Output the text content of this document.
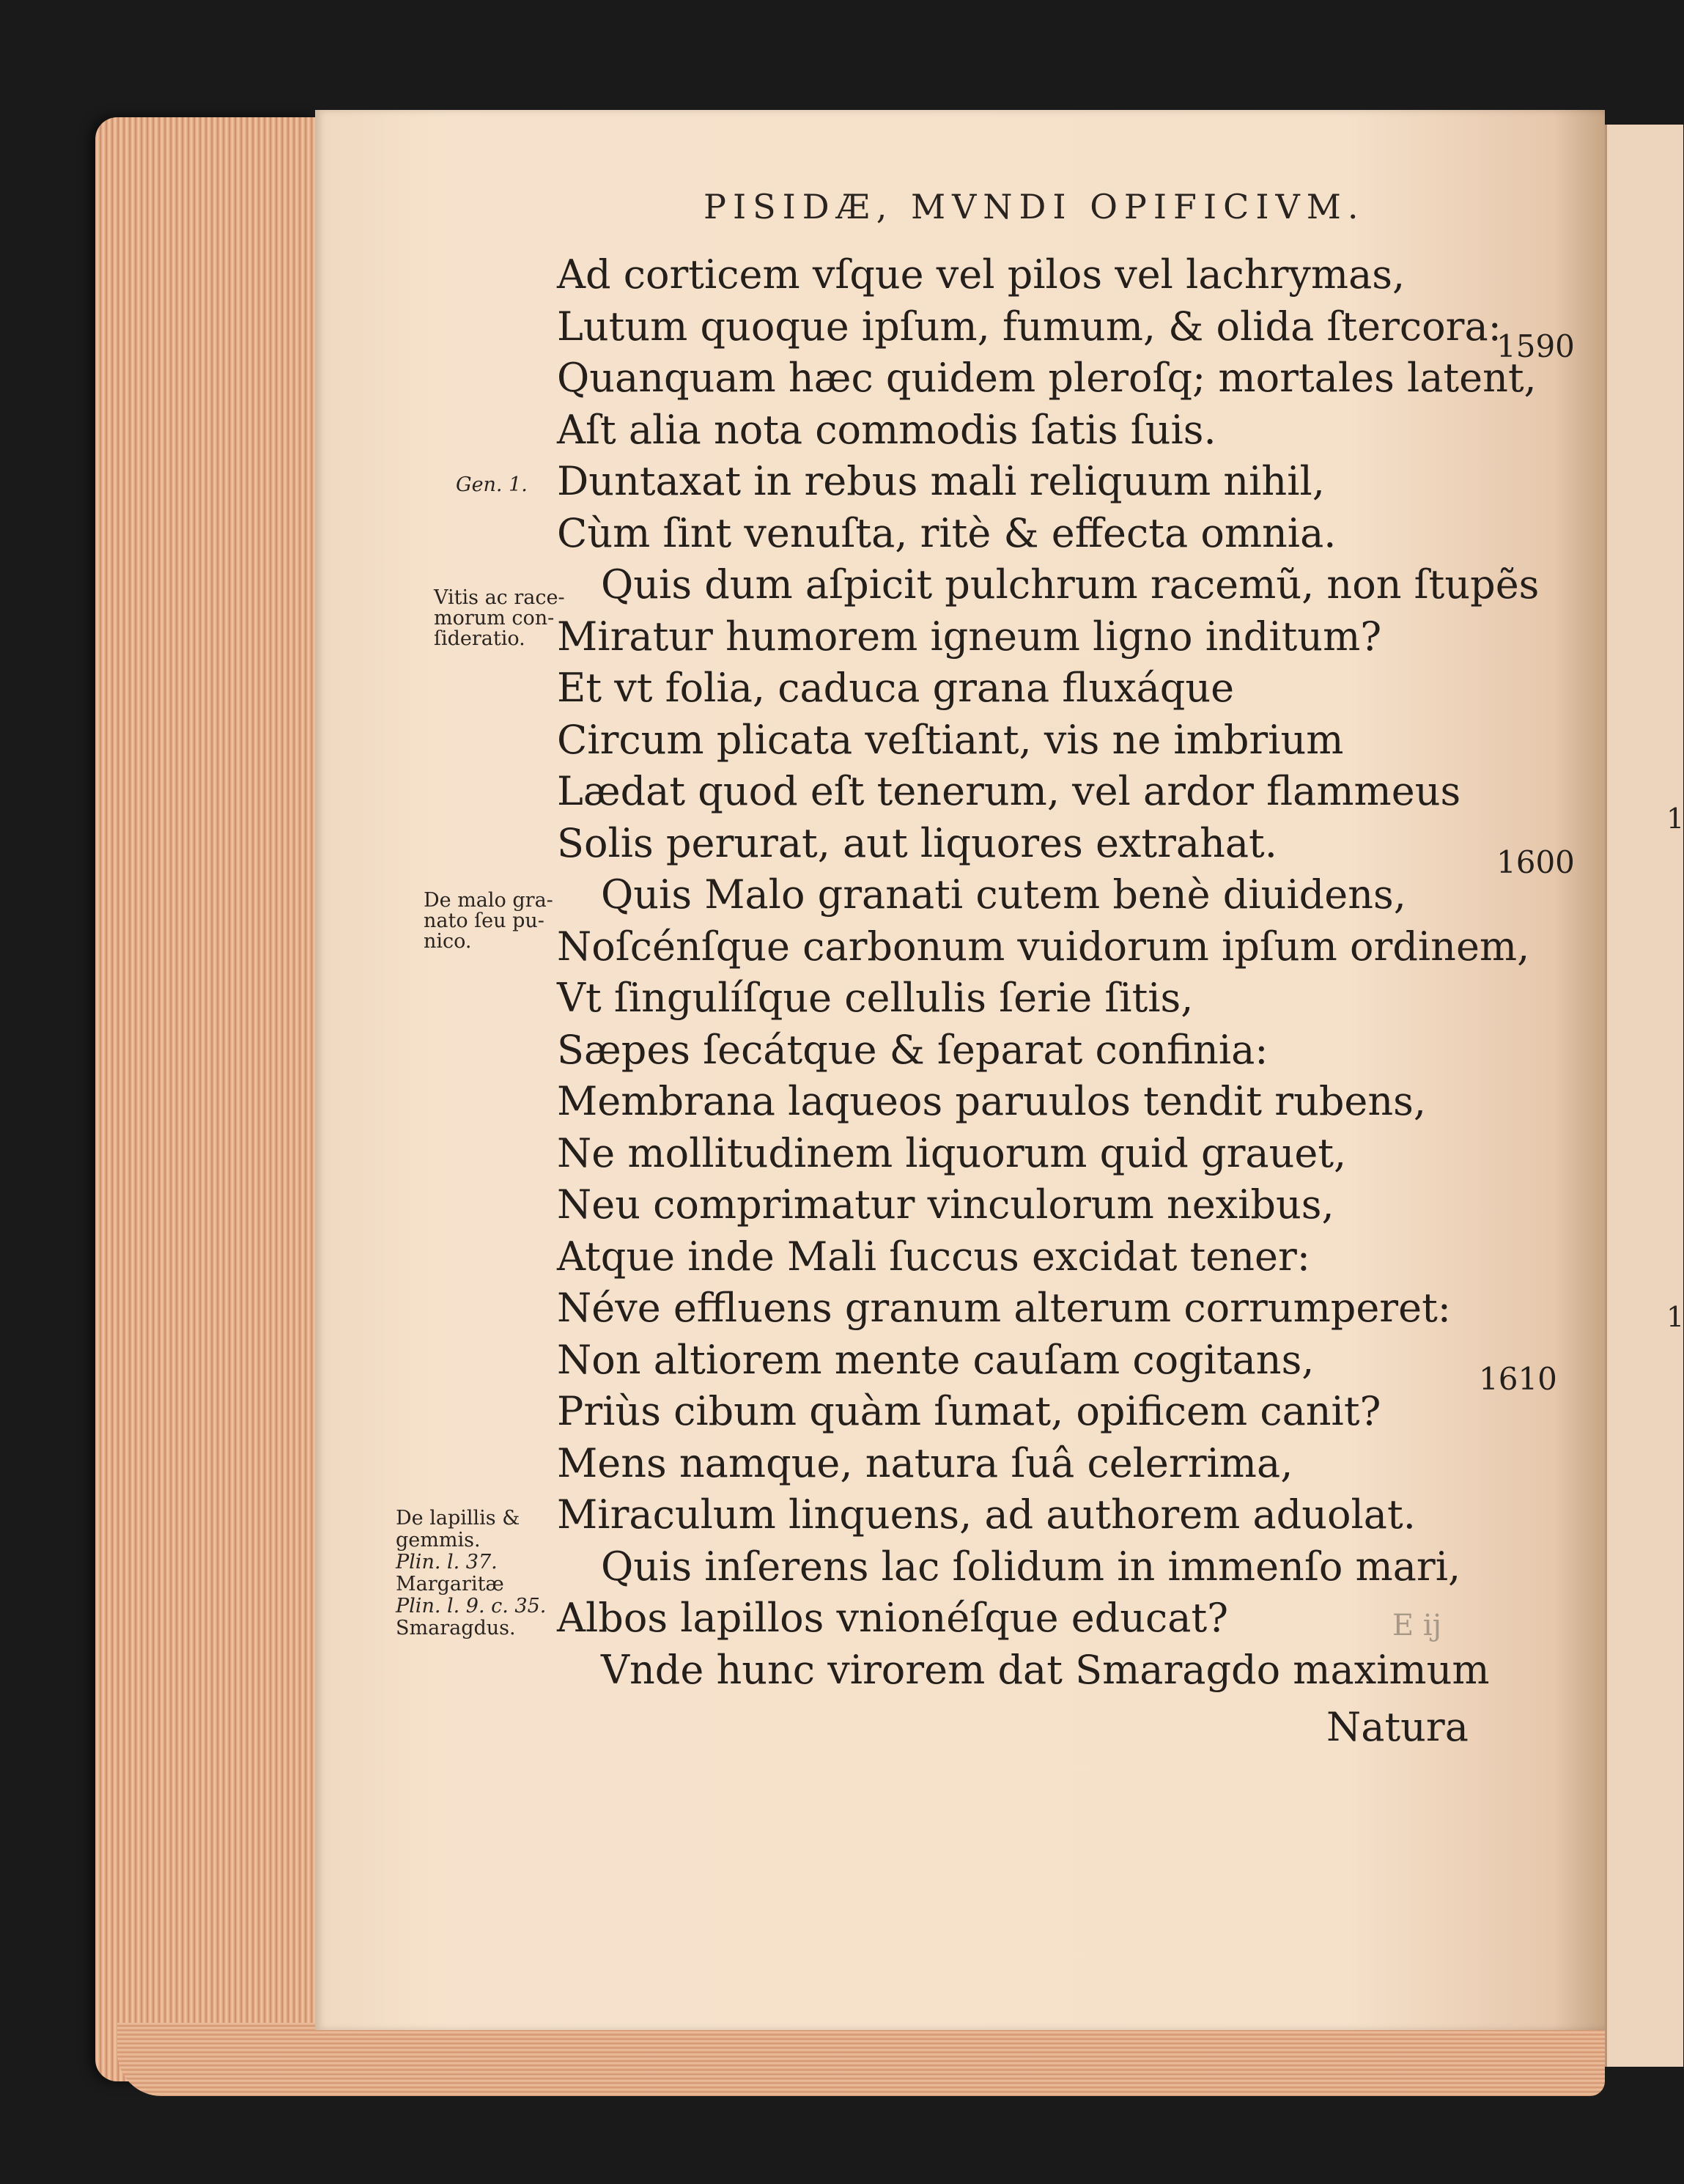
1
1
PISIDÆ, MVNDI OPIFICIVM.
Ad corticem vſque vel pilos vel lachrymas,
Lutum quoque ipſum, fumum, & olida ſtercora:
Quanquam hæc quidem pleroſq; mortales latent,
Aſt alia nota commodis ſatis ſuis.
Duntaxat in rebus mali reliquum nihil,
Cùm ſint venuſta, ritè & effecta omnia.
Quis dum aſpicit pulchrum racemũ, non ſtupẽs
Miratur humorem igneum ligno inditum?
Et vt folia, caduca grana fluxáque
Circum plicata veſtiant, vis ne imbrium
Lædat quod eſt tenerum, vel ardor flammeus
Solis perurat, aut liquores extrahat.
Quis Malo granati cutem benè diuidens,
Noſcénſque carbonum vuidorum ipſum ordinem,
Vt ſingulíſque cellulis ſerie ſitis,
Sæpes ſecátque & ſeparat confinia:
Membrana laqueos paruulos tendit rubens,
Ne mollitudinem liquorum quid grauet,
Neu comprimatur vinculorum nexibus,
Atque inde Mali ſuccus excidat tener:
Néve effluens granum alterum corrumperet:
Non altiorem mente cauſam cogitans,
Priùs cibum quàm ſumat, opificem canit?
Mens namque, natura ſuâ celerrima,
Miraculum linquens, ad authorem aduolat.
Quis inſerens lac ſolidum in immenſo mari,
Albos lapillos vnionéſque educat?
Vnde hunc virorem dat Smaragdo maximum
1590
1600
1610
Natura
Gen. 1.
Vitis ac race-
morum con-
ſideratio.
De malo gra-
nato ſeu pu-
nico.
De lapillis &
gemmis.
Plin. l. 37.
Margaritæ
Plin. l. 9. c. 35.
Smaragdus.	E ij
